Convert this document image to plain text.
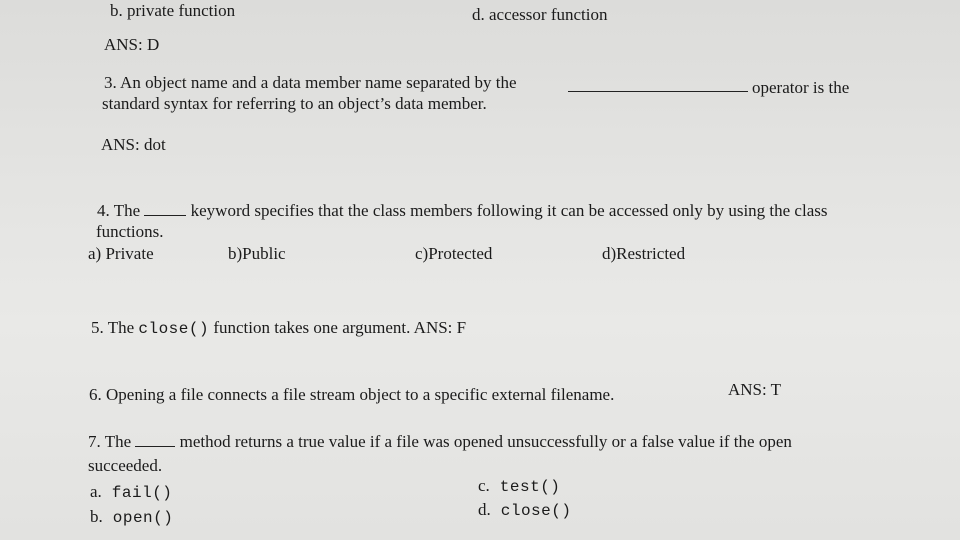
b. private function	d. accessor function
ANS: D
3. An object name and a data member name separated by the	operator is the
standard syntax for referring to an object’s data member.
ANS: dot
4. The	keyword specifies that the class members following it can be accessed only by using the class
functions.
a) Private	b)Public	c)Protected	d)Restricted
5. The close() function takes one argument. ANS: F
6. Opening a file connects a file stream object to a specific external filename.	ANS: T
7. The	method returns a true value if a file was opened unsuccessfully or a false value if the open
succeeded.
a. fail()
b. open()
c. test()
d. close()
